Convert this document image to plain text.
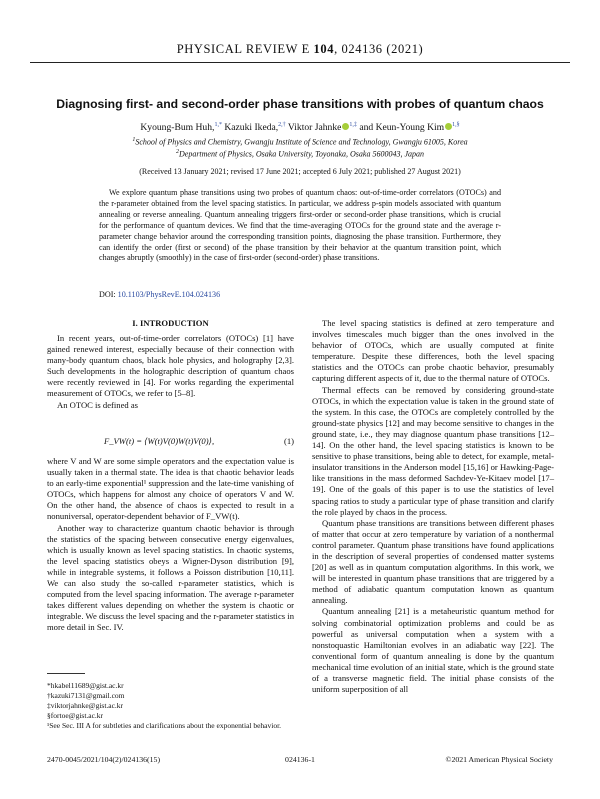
PHYSICAL REVIEW E 104, 024136 (2021)
Diagnosing first- and second-order phase transitions with probes of quantum chaos
Kyoung-Bum Huh,$^{1,*}$ Kazuki Ikeda,$^{2,\dagger}$ Viktor Jahnke $^{1,\ddagger}$ and Keun-Young Kim $^{1,\S}$
$^1$School of Physics and Chemistry, Gwangju Institute of Science and Technology, Gwangju 61005, Korea
$^2$Department of Physics, Osaka University, Toyonaka, Osaka 5600043, Japan
(Received 13 January 2021; revised 17 June 2021; accepted 6 July 2021; published 27 August 2021)
We explore quantum phase transitions using two probes of quantum chaos: out-of-time-order correlators (OTOCs) and the r-parameter obtained from the level spacing statistics. In particular, we address p-spin models associated with quantum annealing or reverse annealing. Quantum annealing triggers first-order or second-order phase transitions, which is crucial for the performance of quantum devices. We find that the time-averaging OTOCs for the ground state and the average r-parameter change behavior around the corresponding transition points, diagnosing the phase transition. Furthermore, they can identify the order (first or second) of the phase transition by their behavior at the quantum transition point, which changes abruptly (smoothly) in the case of first-order (second-order) phase transitions.
DOI: 10.1103/PhysRevE.104.024136
I. INTRODUCTION

In recent years, out-of-time-order correlators (OTOCs) [1] have gained renewed interest, especially because of their connection with many-body quantum chaos, black hole physics, and holography [2,3]. Such developments in the holographic description of quantum chaos were recently reviewed in [4]. For works regarding the experimental measurement of OTOCs, we refer to [5–8].

An OTOC is defined as

F_VW(t) = ⟨W(t)V(0)W(t)V(0)⟩,	(1)

where V and W are some simple operators and the expectation value is usually taken in a thermal state. The idea is that chaotic behavior leads to an early-time exponential¹ suppression and the late-time vanishing of OTOCs, which happens for almost any choice of operators V and W. On the other hand, the absence of chaos is expected to result in a nonuniversal, operator-dependent behavior of F_VW(t).

Another way to characterize quantum chaotic behavior is through the statistics of the spacing between consecutive energy eigenvalues, which is usually known as level spacing statistics. In chaotic systems, the level spacing statistics obeys a Wigner-Dyson distribution [9], while in integrable systems, it follows a Poisson distribution [10,11]. We can also study the so-called r-parameter statistics, which is computed from the level spacing information. The average r-parameter takes different values depending on whether the system is chaotic or integrable. We discuss the level spacing and the r-parameter statistics in more detail in Sec. IV.

*hkabel11689@gist.ac.kr
†kazuki7131@gmail.com
‡viktorjahnke@gist.ac.kr
§fortoe@gist.ac.kr
¹See Sec. III A for subtleties and clarifications about the exponential behavior.

The level spacing statistics is defined at zero temperature and involves timescales much bigger than the ones involved in the behavior of OTOCs, which are usually computed at finite temperature. Despite these differences, both the level spacing statistics and the OTOCs can probe chaotic behavior, presumably capturing different aspects of it, due to the thermal nature of OTOCs.

Thermal effects can be removed by considering ground-state OTOCs, in which the expectation value is taken in the ground state of the system. In this case, the OTOCs are completely controlled by the ground-state physics [12] and may become sensitive to changes in the ground state, i.e., they may diagnose quantum phase transitions [12–14]. On the other hand, the level spacing statistics is known to be sensitive to phase transitions, being able to detect, for example, metal-insulator transitions in the Anderson model [15,16] or Hawking-Page-like transitions in the mass deformed Sachdev-Ye-Kitaev model [17–19]. One of the goals of this paper is to use the statistics of level spacing ratios to study a particular type of phase transition and clarify the role played by chaos in the process.

Quantum phase transitions are transitions between different phases of matter that occur at zero temperature by variation of a nonthermal control parameter. Quantum phase transitions have found applications in the description of several properties of condensed matter systems [20] as well as in quantum computation algorithms. In this work, we will be interested in quantum phase transitions that are triggered by a method of adiabatic quantum computation known as quantum annealing.

Quantum annealing [21] is a metaheuristic quantum method for solving combinatorial optimization problems and could be as powerful as universal computation when a system with a nonstoquastic Hamiltonian evolves in an adiabatic way [22]. The conventional form of quantum annealing is done by the quantum mechanical time evolution of an initial state, which is the ground state of a transverse magnetic field. The initial phase consists of the uniform superposition of all

2470-0045/2021/104(2)/024136(15)	024136-1	©2021 American Physical Society
